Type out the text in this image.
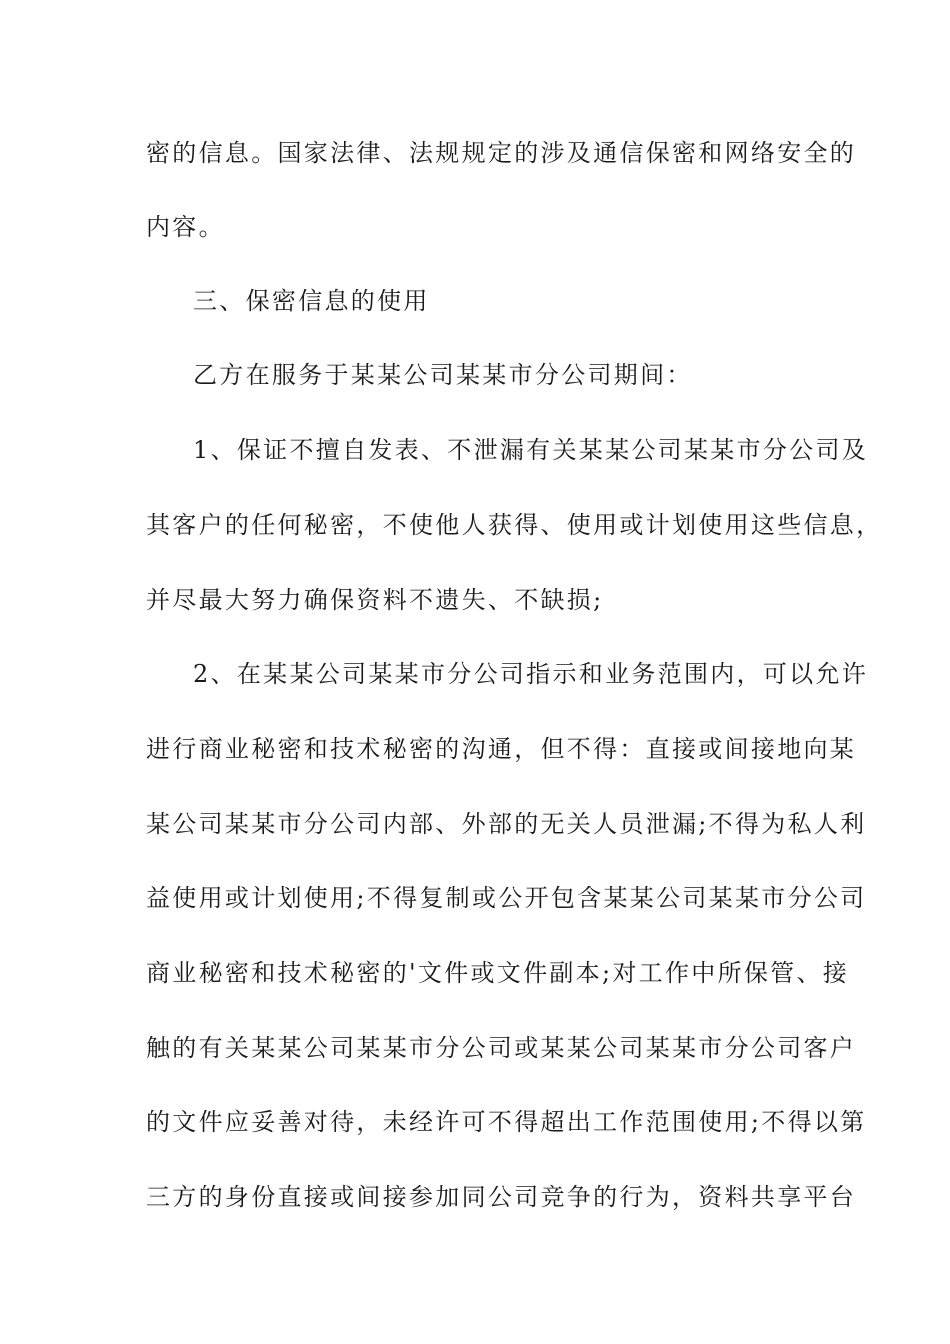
密的信息。国家法律、法规规定的涉及通信保密和网络安全的
内容。
三、保密信息的使用
乙方在服务于某某公司某某市分公司期间：
1、保证不擅自发表、不泄漏有关某某公司某某市分公司及
其客户的任何秘密，不使他人获得、使用或计划使用这些信息，
并尽最大努力确保资料不遗失、不缺损;
2、在某某公司某某市分公司指示和业务范围内，可以允许
进行商业秘密和技术秘密的沟通，但不得：直接或间接地向某
某公司某某市分公司内部、外部的无关人员泄漏;不得为私人利
益使用或计划使用;不得复制或公开包含某某公司某某市分公司
商业秘密和技术秘密的'文件或文件副本;对工作中所保管、接
触的有关某某公司某某市分公司或某某公司某某市分公司客户
的文件应妥善对待，未经许可不得超出工作范围使用;不得以第
三方的身份直接或间接参加同公司竞争的行为，资料共享平台
